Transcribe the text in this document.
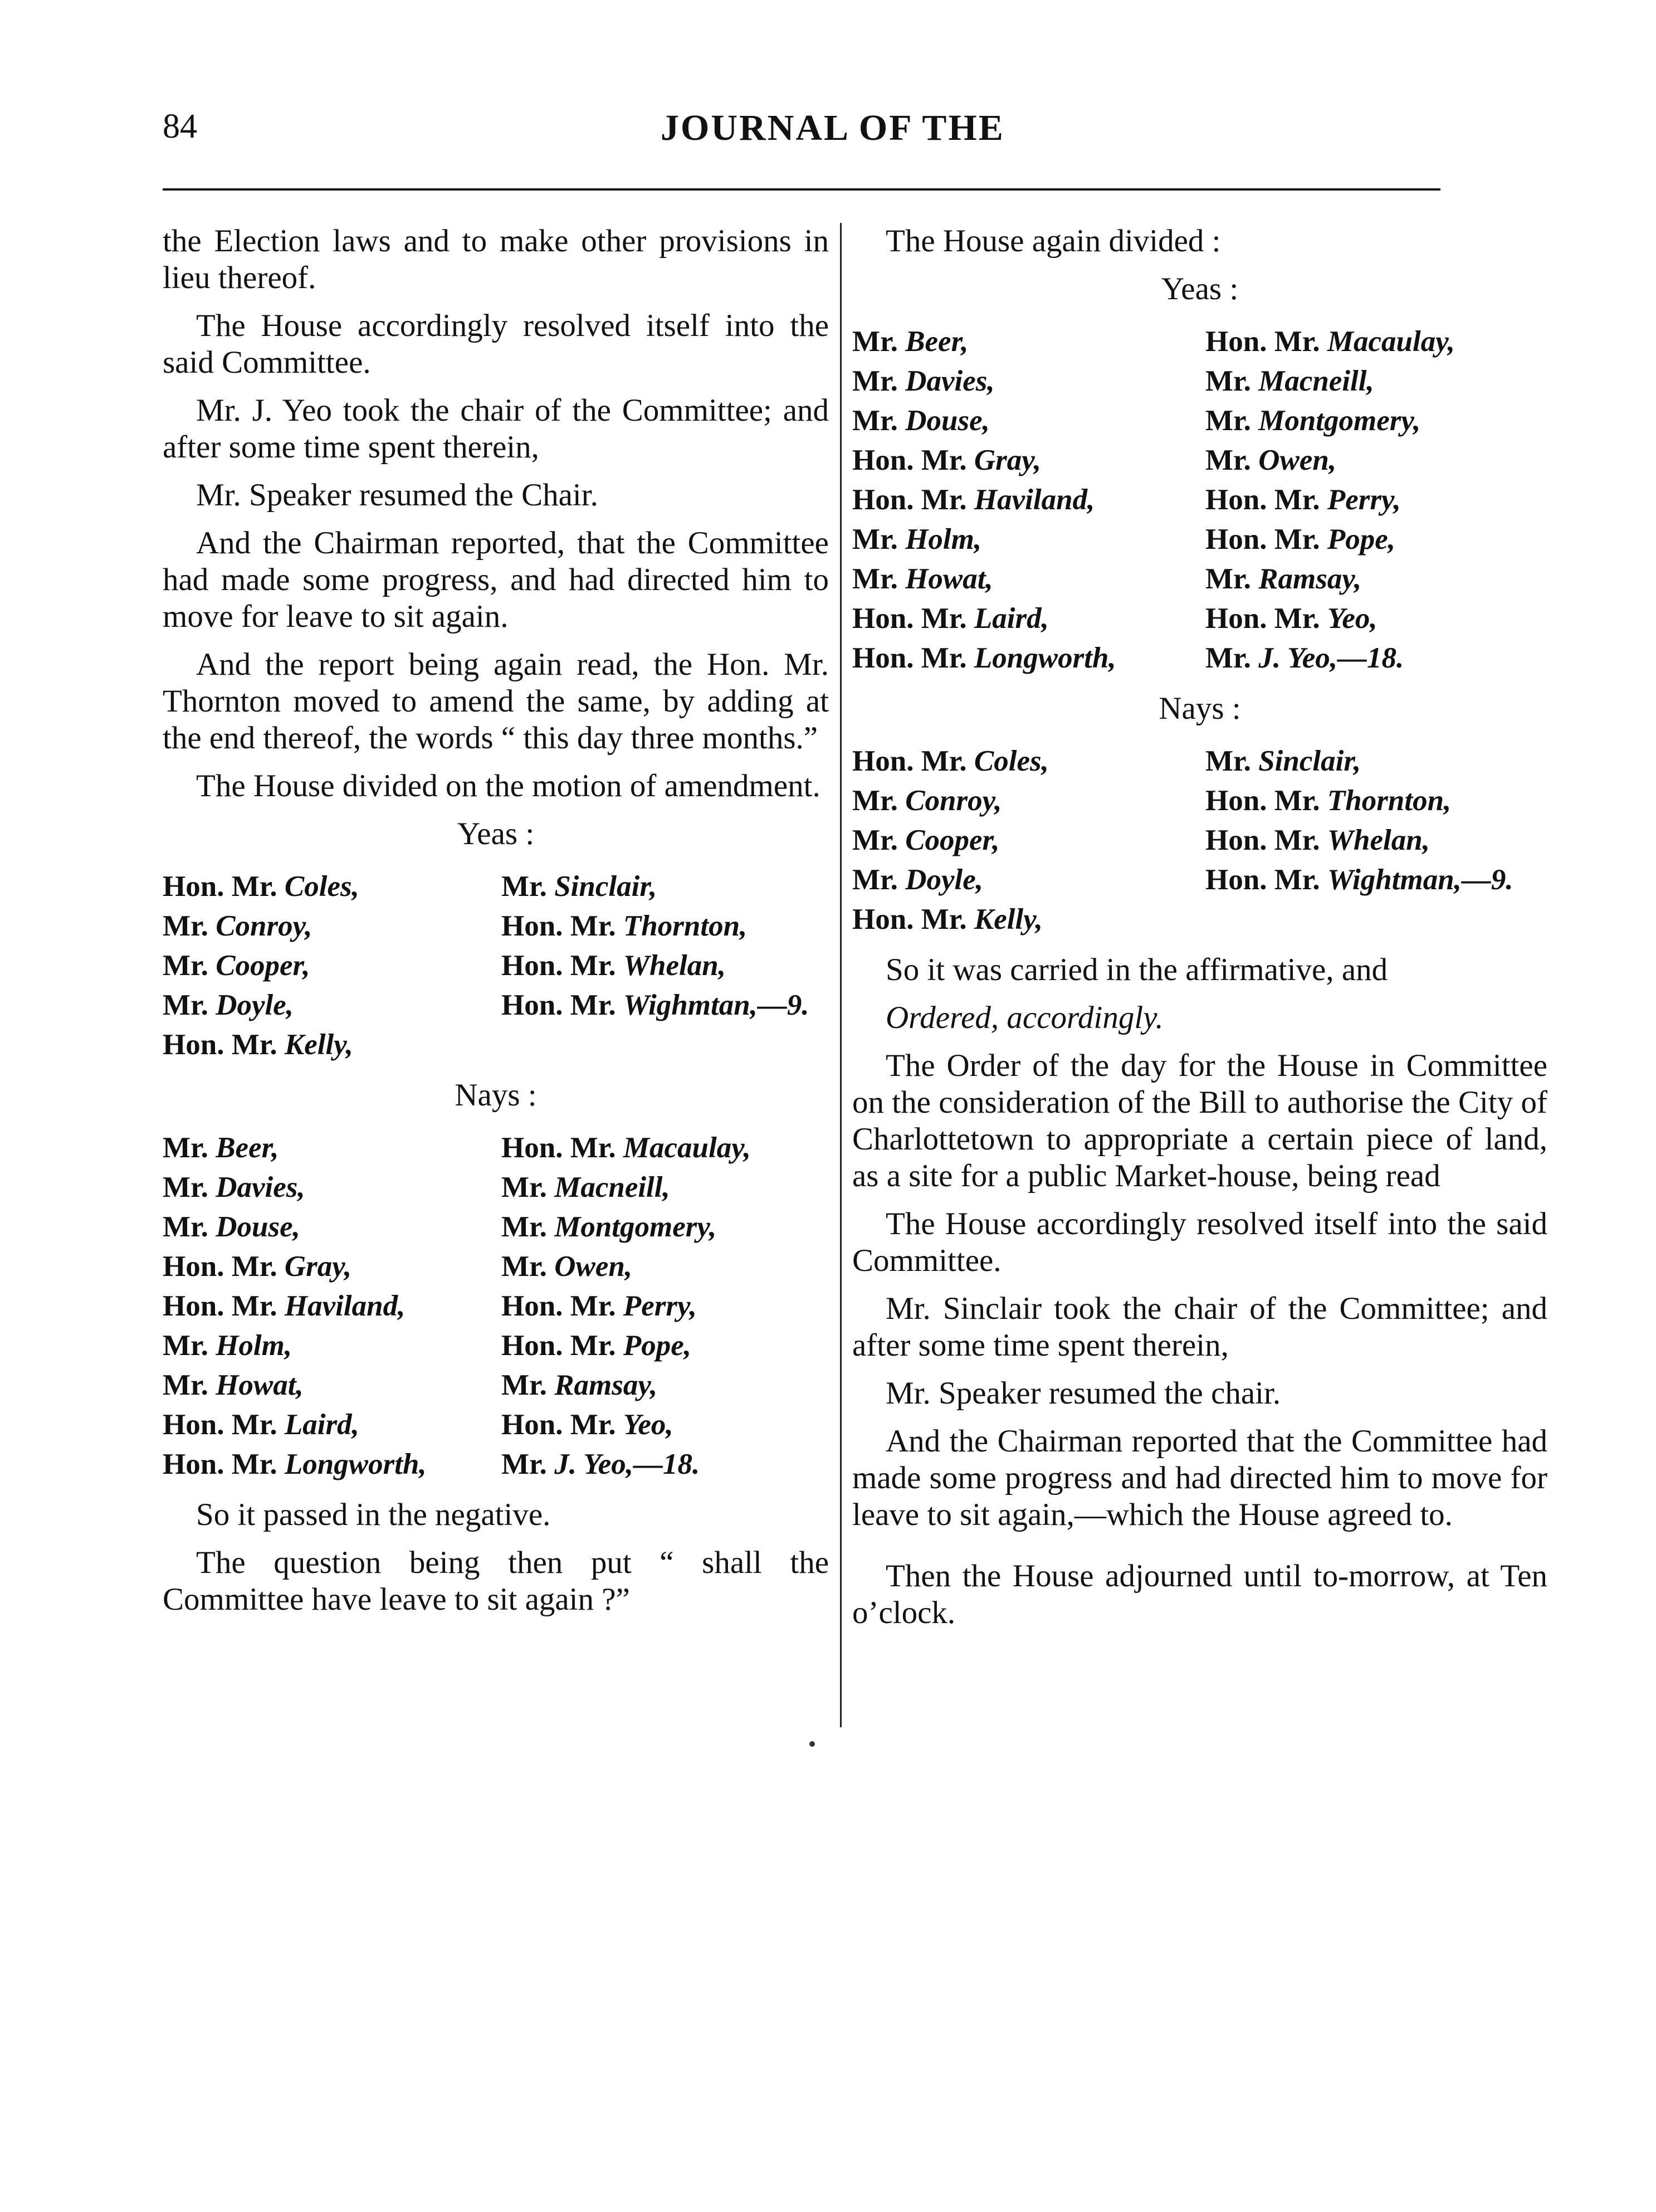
84	JOURNAL OF THE

the Election laws and to make other provisions in lieu thereof.

The House accordingly resolved itself into the said Committee.

Mr. J. Yeo took the chair of the Committee; and after some time spent therein,

Mr. Speaker resumed the Chair.

And the Chairman reported, that the Committee had made some progress, and had directed him to move for leave to sit again.

And the report being again read, the Hon. Mr. Thornton moved to amend the same, by adding at the end thereof, the words “ this day three months.”

The House divided on the motion of amendment.

Yeas :
Hon. Mr. Coles,	Mr. Sinclair,
Mr. Conroy,	Hon. Mr. Thornton,
Mr. Cooper,	Hon. Mr. Whelan,
Mr. Doyle,	Hon. Mr. Wighmtan,—9.
Hon. Mr. Kelly,
Nays :
Mr. Beer,	Hon. Mr. Macaulay,
Mr. Davies,	Mr. Macneill,
Mr. Douse,	Mr. Montgomery,
Hon. Mr. Gray,	Mr. Owen,
Hon. Mr. Haviland,	Hon. Mr. Perry,
Mr. Holm,	Hon. Mr. Pope,
Mr. Howat,	Mr. Ramsay,
Hon. Mr. Laird,	Hon. Mr. Yeo,
Hon. Mr. Longworth,	Mr. J. Yeo,—18.

So it passed in the negative.

The question being then put “ shall the Committee have leave to sit again ?”

The House again divided :

Yeas :
Mr. Beer,	Hon. Mr. Macaulay,
Mr. Davies,	Mr. Macneill,
Mr. Douse,	Mr. Montgomery,
Hon. Mr. Gray,	Mr. Owen,
Hon. Mr. Haviland,	Hon. Mr. Perry,
Mr. Holm,	Hon. Mr. Pope,
Mr. Howat,	Mr. Ramsay,
Hon. Mr. Laird,	Hon. Mr. Yeo,
Hon. Mr. Longworth,	Mr. J. Yeo,—18.
Nays :
Hon. Mr. Coles,	Mr. Sinclair,
Mr. Conroy,	Hon. Mr. Thornton,
Mr. Cooper,	Hon. Mr. Whelan,
Mr. Doyle,	Hon. Mr. Wightman,—9.
Hon. Mr. Kelly,

So it was carried in the affirmative, and

Ordered, accordingly.

The Order of the day for the House in Committee on the consideration of the Bill to authorise the City of Charlottetown to appropriate a certain piece of land, as a site for a public Market-house, being read

The House accordingly resolved itself into the said Committee.

Mr. Sinclair took the chair of the Committee; and after some time spent therein,

Mr. Speaker resumed the chair.

And the Chairman reported that the Committee had made some progress and had directed him to move for leave to sit again,—which the House agreed to.

Then the House adjourned until to-morrow, at Ten o’clock.
